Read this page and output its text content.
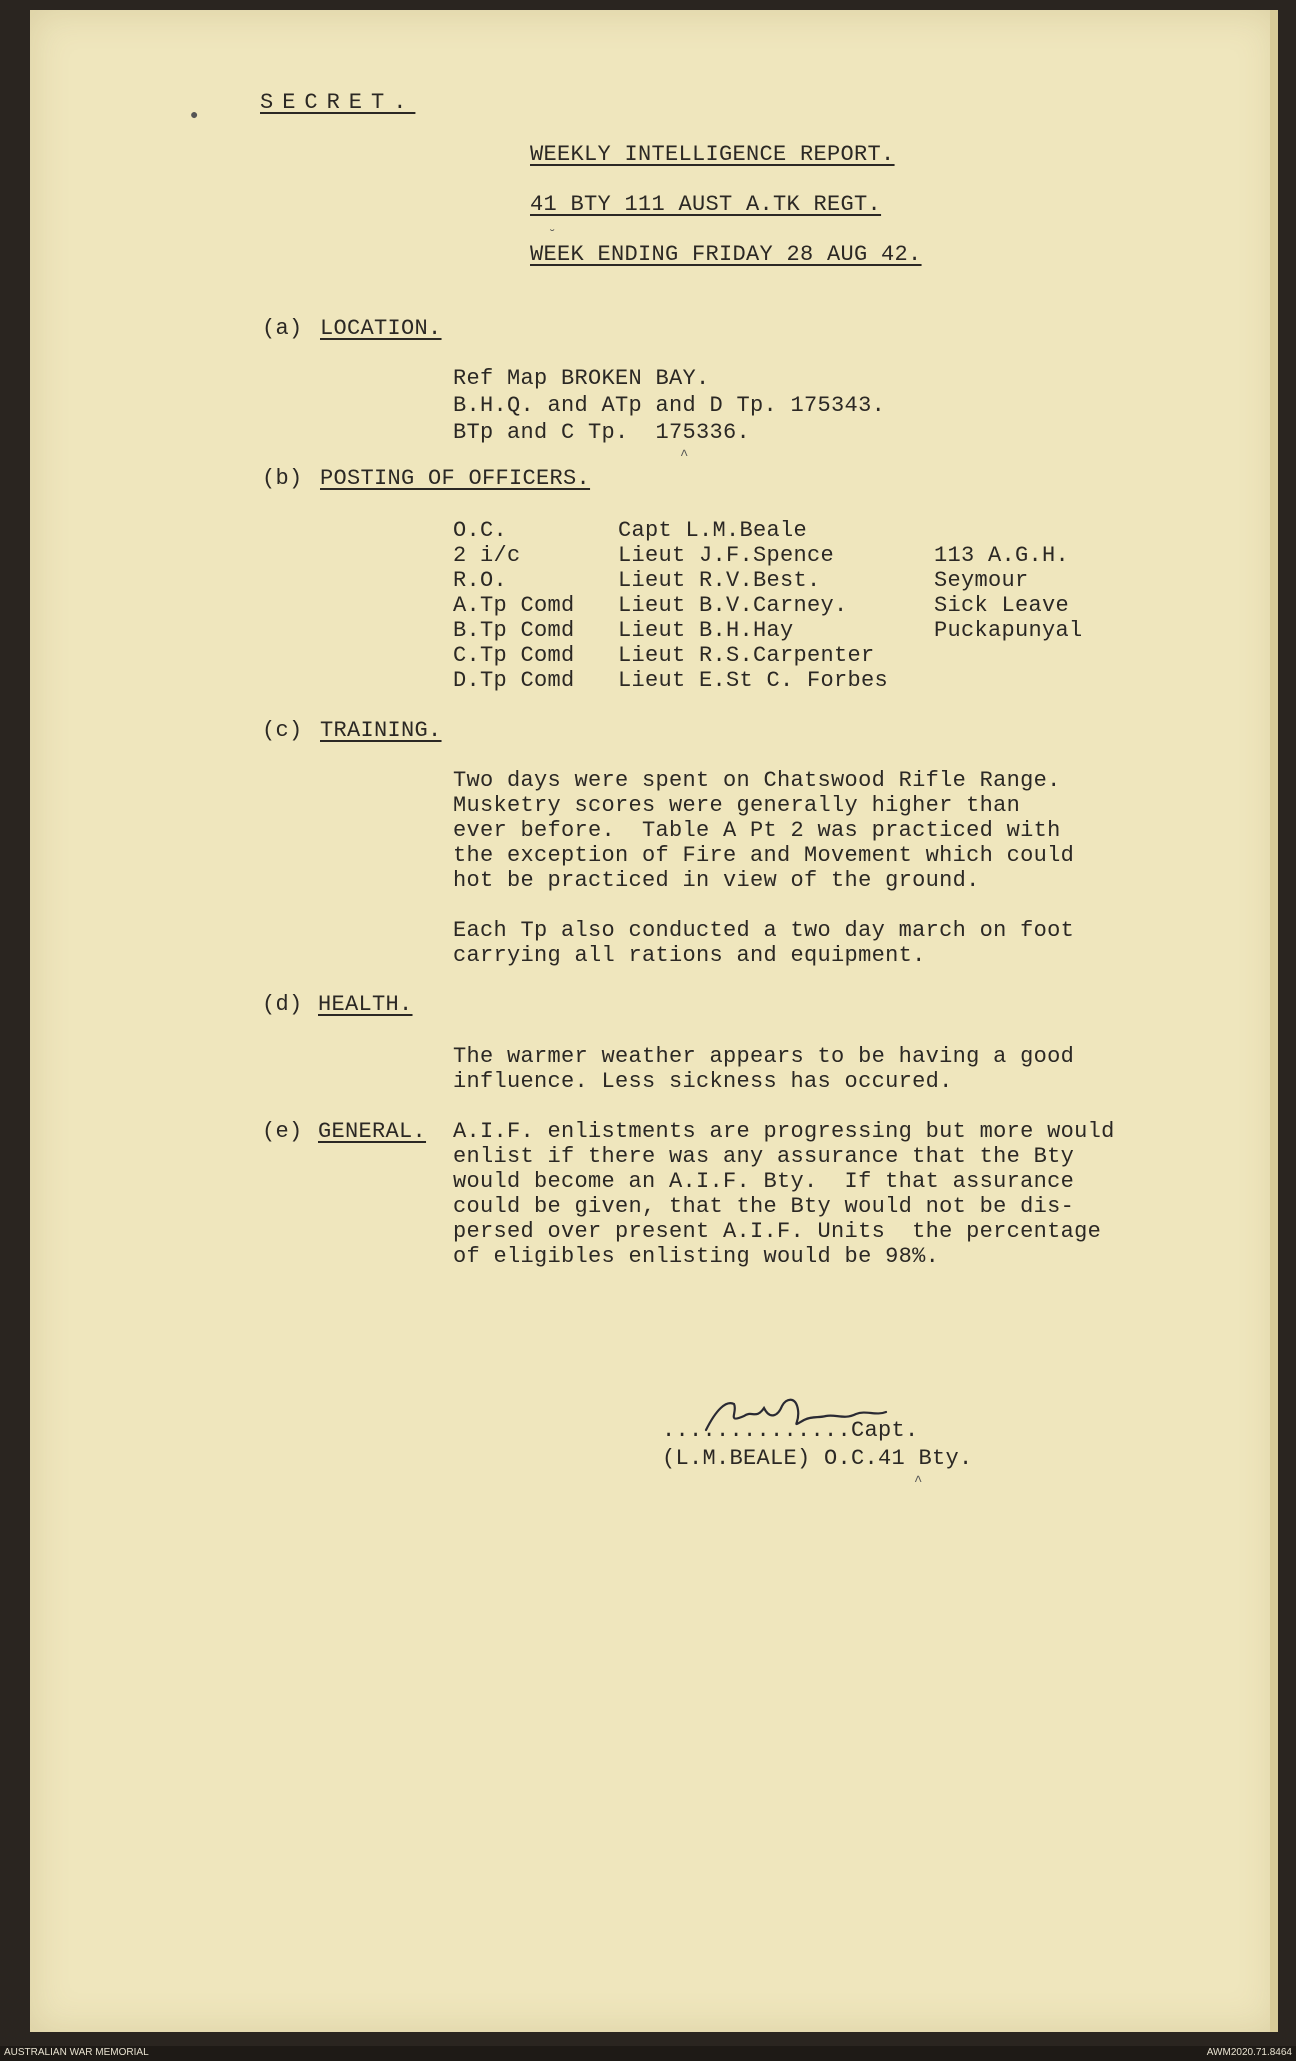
SECRET.
WEEKLY INTELLIGENCE REPORT.
41 BTY 111 AUST A.TK REGT.
WEEK ENDING FRIDAY 28 AUG 42.
(a) LOCATION.
Ref Map BROKEN BAY.
B.H.Q. and ATp and D Tp. 175343.
BTp and C Tp.  175336.
(b) POSTING OF OFFICERS.
O.C.	Capt L.M.Beale
2 i/c	Lieut J.F.Spence	113 A.G.H.
R.O.	Lieut R.V.Best.	Seymour
A.Tp Comd Lieut B.V.Carney.	Sick Leave
B.Tp Comd Lieut B.H.Hay	Puckapunyal
C.Tp Comd Lieut R.S.Carpenter
D.Tp Comd Lieut E.St C. Forbes
(c) TRAINING.
Two days were spent on Chatswood Rifle Range.
Musketry scores were generally higher than
ever before.  Table A Pt 2 was practiced with
the exception of Fire and Movement which could
hot be practiced in view of the ground.
Each Tp also conducted a two day march on foot
carrying all rations and equipment.
(d) HEALTH.
The warmer weather appears to be having a good
influence. Less sickness has occured.
(e) GENERAL. A.I.F. enlistments are progressing but more would
enlist if there was any assurance that the Bty
would become an A.I.F. Bty.  If that assurance
could be given, that the Bty would not be dis-
persed over present A.I.F. Units  the percentage
of eligibles enlisting would be 98%.
..............Capt.
(L.M.BEALE) O.C.41 Bty.
●
˘
^
^
AUSTRALIAN WAR MEMORIAL	AWM2020.71.8464
